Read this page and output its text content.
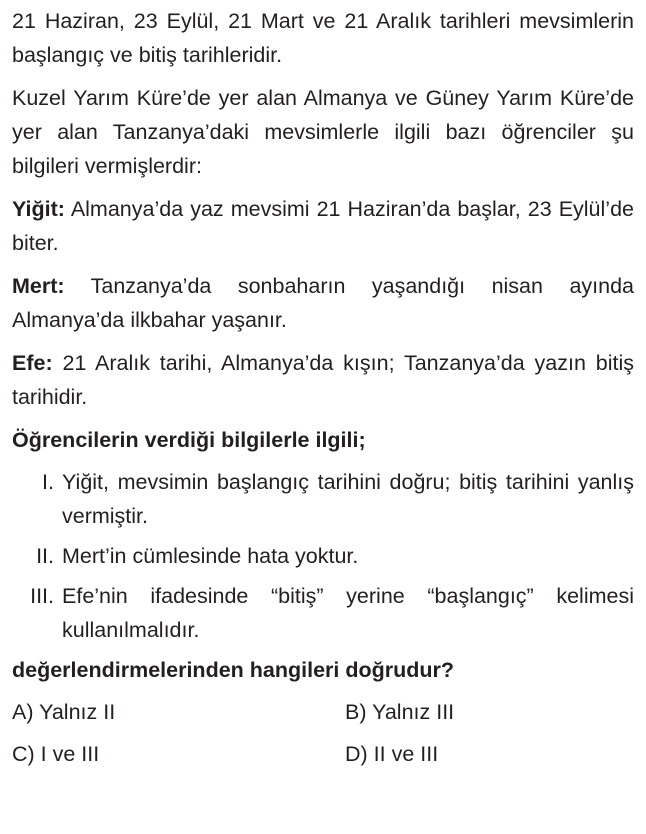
21 Haziran, 23 Eylül, 21 Mart ve 21 Aralık tarihleri mevsimlerin başlangıç ve bitiş tarihleridir.

Kuzel Yarım Küre’de yer alan Almanya ve Güney Yarım Küre’de yer alan Tanzanya’daki mevsimlerle ilgili bazı öğrenciler şu bilgileri vermişlerdir:

Yiğit: Almanya’da yaz mevsimi 21 Haziran’da başlar, 23 Eylül’de biter.

Mert: Tanzanya’da sonbaharın yaşandığı nisan ayında Almanya’da ilkbahar yaşanır.

Efe: 21 Aralık tarihi, Almanya’da kışın; Tanzanya’da yazın bitiş tarihidir.

Öğrencilerin verdiği bilgilerle ilgili;

I. Yiğit, mevsimin başlangıç tarihini doğru; bitiş tarihini yanlış vermiştir.
II. Mert’in cümlesinde hata yoktur.
III. Efe’nin ifadesinde “bitiş” yerine “başlangıç” kelimesi kullanılmalıdır.

değerlendirmelerinden hangileri doğrudur?

A) Yalnız II	B) Yalnız III
C) I ve III	D) II ve III
